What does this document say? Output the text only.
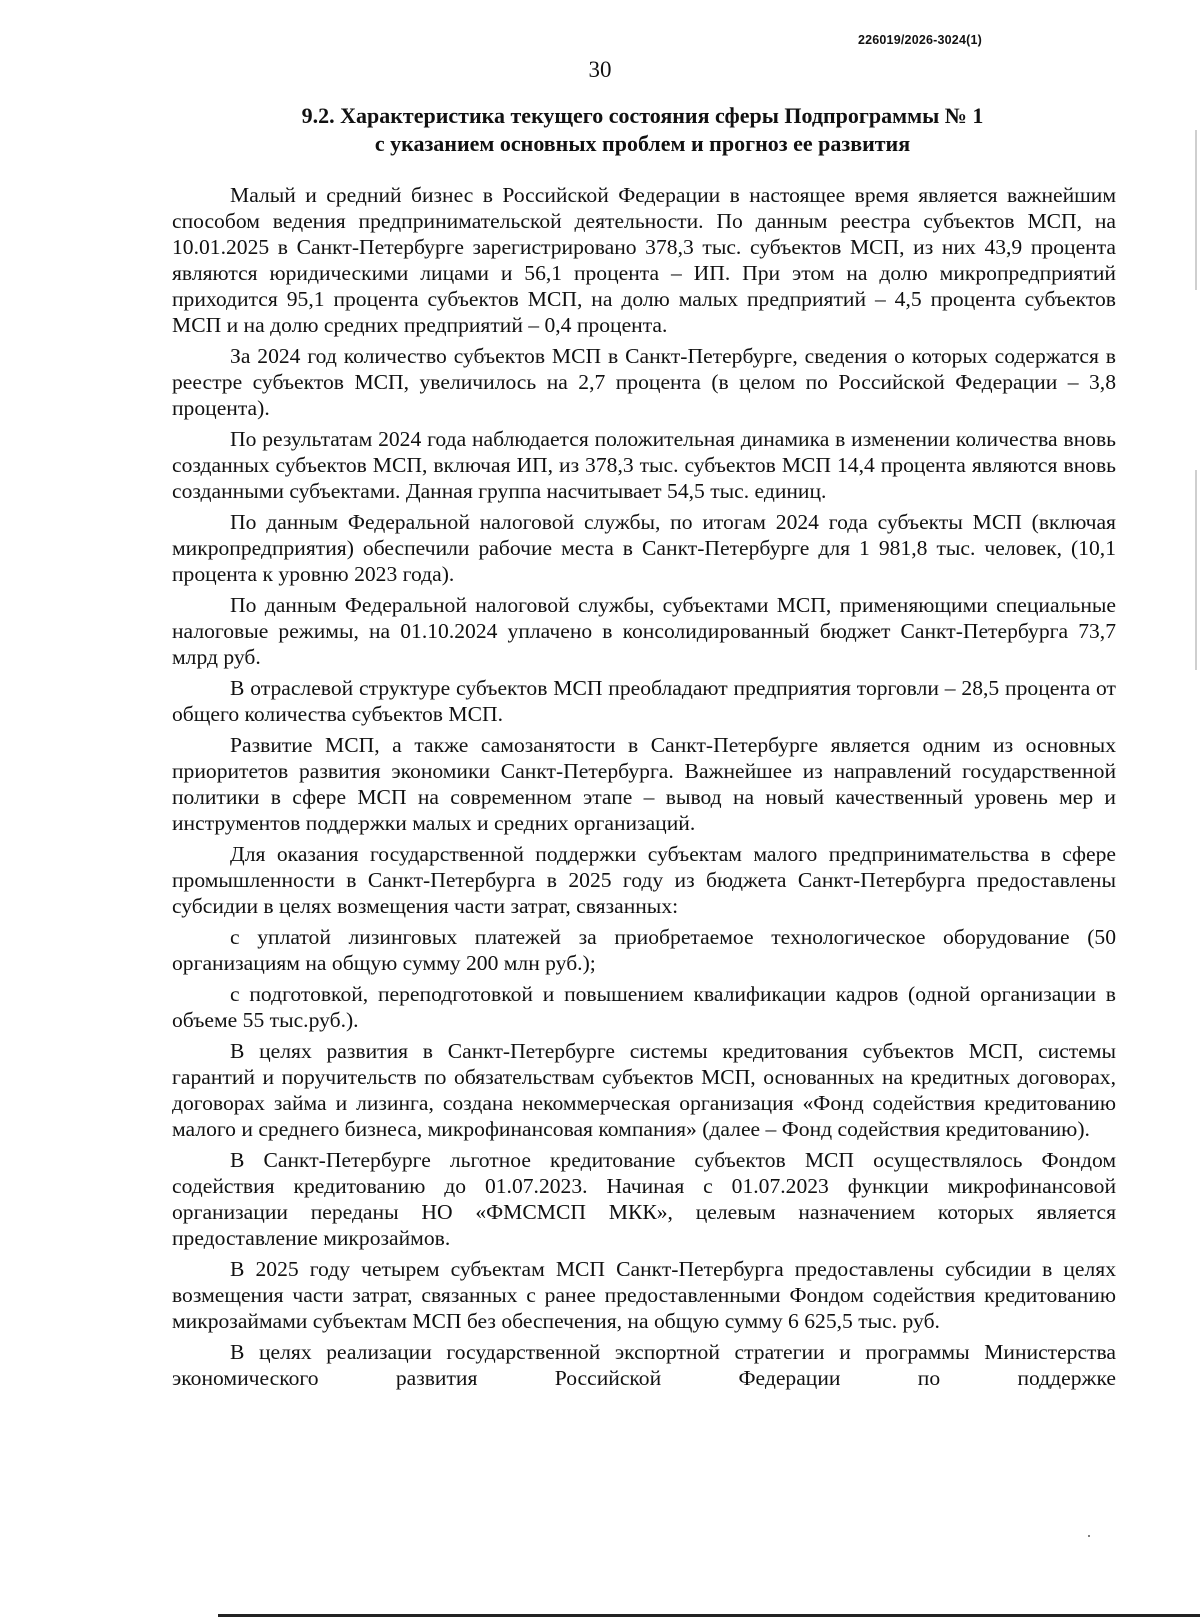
226019/2026-3024(1)
30
9.2. Характеристика текущего состояния сферы Подпрограммы № 1
с указанием основных проблем и прогноз ее развития

Малый и средний бизнес в Российской Федерации в настоящее время является важнейшим способом ведения предпринимательской деятельности. По данным реестра субъектов МСП, на 10.01.2025 в Санкт-Петербурге зарегистрировано 378,3 тыс. субъектов МСП, из них 43,9 процента являются юридическими лицами и 56,1 процента – ИП. При этом на долю микропредприятий приходится 95,1 процента субъектов МСП, на долю малых предприятий – 4,5 процента субъектов МСП и на долю средних предприятий – 0,4 процента.

За 2024 год количество субъектов МСП в Санкт-Петербурге, сведения о которых содержатся в реестре субъектов МСП, увеличилось на 2,7 процента (в целом по Российской Федерации – 3,8 процента).

По результатам 2024 года наблюдается положительная динамика в изменении количества вновь созданных субъектов МСП, включая ИП, из 378,3 тыс. субъектов МСП 14,4 процента являются вновь созданными субъектами. Данная группа насчитывает 54,5 тыс. единиц.

По данным Федеральной налоговой службы, по итогам 2024 года субъекты МСП (включая микропредприятия) обеспечили рабочие места в Санкт-Петербурге для 1 981,8 тыс. человек, (10,1 процента к уровню 2023 года).

По данным Федеральной налоговой службы, субъектами МСП, применяющими специальные налоговые режимы, на 01.10.2024 уплачено в консолидированный бюджет Санкт-Петербурга 73,7 млрд руб.

В отраслевой структуре субъектов МСП преобладают предприятия торговли – 28,5 процента от общего количества субъектов МСП.

Развитие МСП, а также самозанятости в Санкт-Петербурге является одним из основных приоритетов развития экономики Санкт-Петербурга. Важнейшее из направлений государственной политики в сфере МСП на современном этапе – вывод на новый качественный уровень мер и инструментов поддержки малых и средних организаций.

Для оказания государственной поддержки субъектам малого предпринимательства в сфере промышленности в Санкт-Петербурга в 2025 году из бюджета Санкт-Петербурга предоставлены субсидии в целях возмещения части затрат, связанных:

с уплатой лизинговых платежей за приобретаемое технологическое оборудование (50 организациям на общую сумму 200 млн руб.);

с подготовкой, переподготовкой и повышением квалификации кадров (одной организации в объеме 55 тыс.руб.).

В целях развития в Санкт-Петербурге системы кредитования субъектов МСП, системы гарантий и поручительств по обязательствам субъектов МСП, основанных на кредитных договорах, договорах займа и лизинга, создана некоммерческая организация «Фонд содействия кредитованию малого и среднего бизнеса, микрофинансовая компания» (далее – Фонд содействия кредитованию).

В Санкт-Петербурге льготное кредитование субъектов МСП осуществлялось Фондом содействия кредитованию до 01.07.2023. Начиная с 01.07.2023 функции микрофинансовой организации переданы НО «ФМСМСП МКК», целевым назначением которых является предоставление микрозаймов.

В 2025 году четырем субъектам МСП Санкт-Петербурга предоставлены субсидии в целях возмещения части затрат, связанных с ранее предоставленными Фондом содействия кредитованию микрозаймами субъектам МСП без обеспечения, на общую сумму 6 625,5 тыс. руб.

В целях реализации государственной экспортной стратегии и программы Министерства экономического развития Российской Федерации по поддержке
